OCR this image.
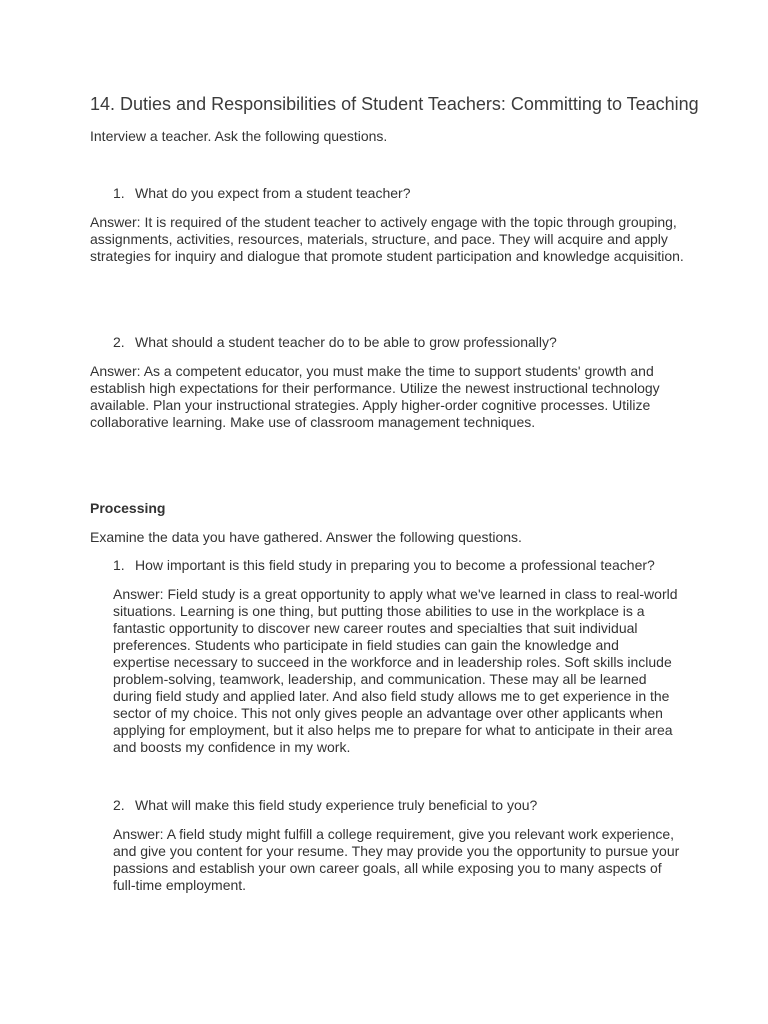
14. Duties and Responsibilities of Student Teachers: Committing to Teaching
Interview a teacher. Ask the following questions.
1. What do you expect from a student teacher?
Answer: It is required of the student teacher to actively engage with the topic through grouping, assignments, activities, resources, materials, structure, and pace. They will acquire and apply strategies for inquiry and dialogue that promote student participation and knowledge acquisition.
2. What should a student teacher do to be able to grow professionally?
Answer: As a competent educator, you must make the time to support students' growth and establish high expectations for their performance. Utilize the newest instructional technology available. Plan your instructional strategies. Apply higher-order cognitive processes. Utilize collaborative learning. Make use of classroom management techniques.
Processing
Examine the data you have gathered. Answer the following questions.
1. How important is this field study in preparing you to become a professional teacher?
Answer: Field study is a great opportunity to apply what we've learned in class to real-world situations. Learning is one thing, but putting those abilities to use in the workplace is a fantastic opportunity to discover new career routes and specialties that suit individual preferences. Students who participate in field studies can gain the knowledge and expertise necessary to succeed in the workforce and in leadership roles. Soft skills include problem-solving, teamwork, leadership, and communication. These may all be learned during field study and applied later. And also field study allows me to get experience in the sector of my choice. This not only gives people an advantage over other applicants when applying for employment, but it also helps me to prepare for what to anticipate in their area and boosts my confidence in my work.
2. What will make this field study experience truly beneficial to you?
Answer: A field study might fulfill a college requirement, give you relevant work experience, and give you content for your resume. They may provide you the opportunity to pursue your passions and establish your own career goals, all while exposing you to many aspects of full-time employment.
